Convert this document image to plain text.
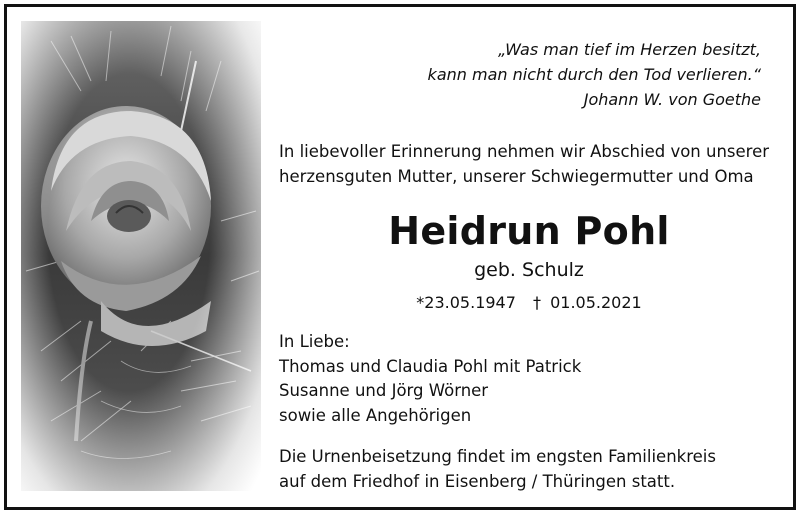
„Was man tief im Herzen besitzt,
kann man nicht durch den Tod verlieren.“
Johann W. von Goethe
In liebevoller Erinnerung nehmen wir Abschied von unserer
herzensguten Mutter, unserer Schwiegermutter und Oma
Heidrun Pohl
geb. Schulz
*23.05.1947 † 01.05.2021
In Liebe:
Thomas und Claudia Pohl mit Patrick
Susanne und Jörg Wörner
sowie alle Angehörigen
Die Urnenbeisetzung findet im engsten Familienkreis
auf dem Friedhof in Eisenberg / Thüringen statt.
